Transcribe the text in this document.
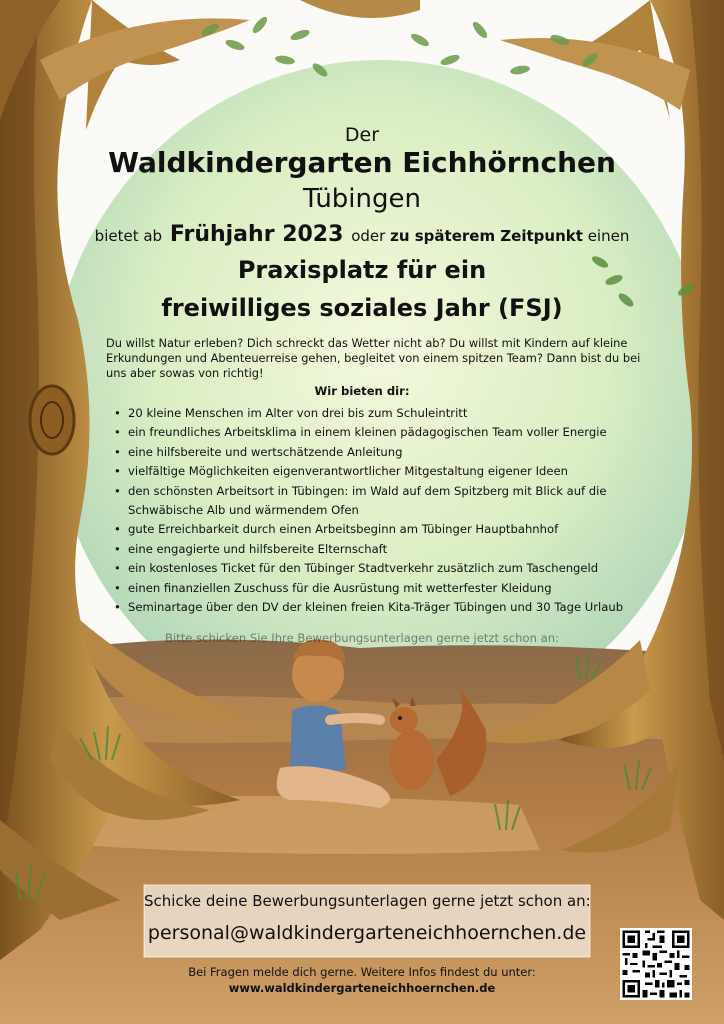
Der
Waldkindergarten Eichhörnchen
Tübingen
bietet ab Frühjahr 2023 oder zu späterem Zeitpunkt einen
Praxisplatz für ein
freiwilliges soziales Jahr (FSJ)
Du willst Natur erleben? Dich schreckt das Wetter nicht ab? Du willst mit Kindern auf kleine Erkundungen und Abenteuerreise gehen, begleitet von einem spitzen Team? Dann bist du bei uns aber sowas von richtig!
Wir bieten dir:
• 20 kleine Menschen im Alter von drei bis zum Schuleintritt
• ein freundliches Arbeitsklima in einem kleinen pädagogischen Team voller Energie
• eine hilfsbereite und wertschätzende Anleitung
• vielfältige Möglichkeiten eigenverantwortlicher Mitgestaltung eigener Ideen
• den schönsten Arbeitsort in Tübingen: im Wald auf dem Spitzberg mit Blick auf die Schwäbische Alb und wärmendem Ofen
• gute Erreichbarkeit durch einen Arbeitsbeginn am Tübinger Hauptbahnhof
• eine engagierte und hilfsbereite Elternschaft
• ein kostenloses Ticket für den Tübinger Stadtverkehr zusätzlich zum Taschengeld
• einen finanziellen Zuschuss für die Ausrüstung mit wetterfester Kleidung
• Seminartage über den DV der kleinen freien Kita-Träger Tübingen und 30 Tage Urlaub
Bitte schicken Sie Ihre Bewerbungsunterlagen gerne jetzt schon an:
Schicke deine Bewerbungsunterlagen gerne jetzt schon an:
personal@waldkindergarteneichhoernchen.de
Bei Fragen melde dich gerne. Weitere Infos findest du unter:
www.waldkindergarteneichhoernchen.de
